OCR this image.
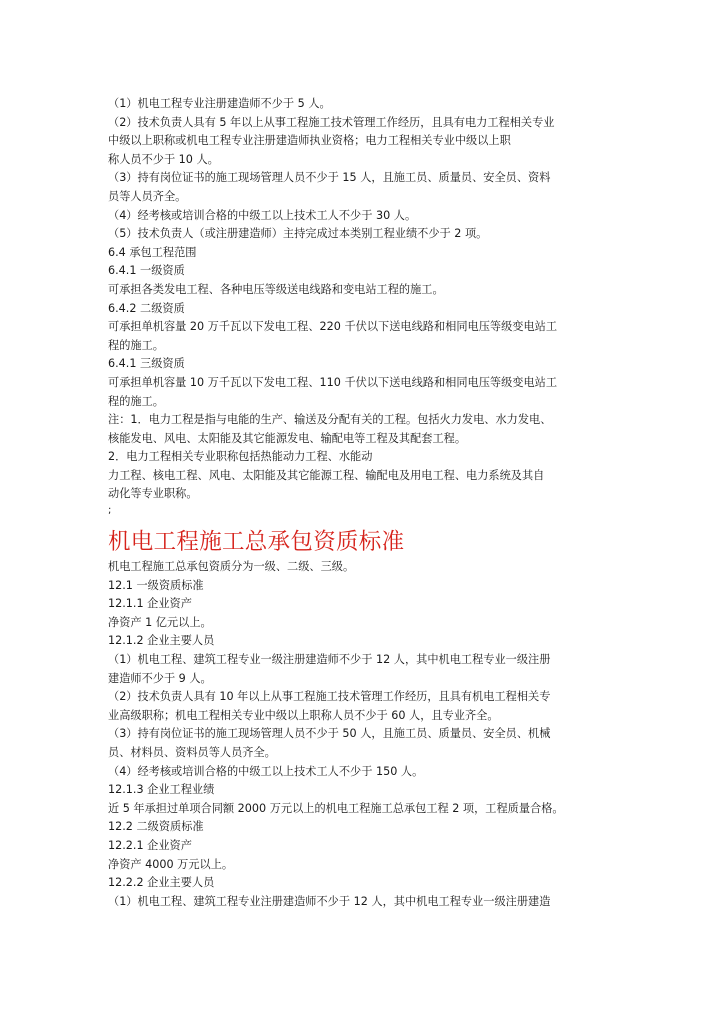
（1）机电工程专业注册建造师不少于 5 人。
（2）技术负责人具有 5 年以上从事工程施工技术管理工作经历，且具有电力工程相关专业
中级以上职称或机电工程专业注册建造师执业资格；电力工程相关专业中级以上职
称人员不少于 10 人。
（3）持有岗位证书的施工现场管理人员不少于 15 人，且施工员、质量员、安全员、资料
员等人员齐全。
（4）经考核或培训合格的中级工以上技术工人不少于 30 人。
（5）技术负责人（或注册建造师）主持完成过本类别工程业绩不少于 2 项。
6.4 承包工程范围
6.4.1 一级资质
可承担各类发电工程、各种电压等级送电线路和变电站工程的施工。
6.4.2 二级资质
可承担单机容量 20 万千瓦以下发电工程、220 千伏以下送电线路和相同电压等级变电站工
程的施工。
6.4.1 三级资质
可承担单机容量 10 万千瓦以下发电工程、110 千伏以下送电线路和相同电压等级变电站工
程的施工。
注：1．电力工程是指与电能的生产、输送及分配有关的工程。包括火力发电、水力发电、
核能发电、风电、太阳能及其它能源发电、输配电等工程及其配套工程。
2．电力工程相关专业职称包括热能动力工程、水能动
力工程、核电工程、风电、太阳能及其它能源工程、输配电及用电工程、电力系统及其自
动化等专业职称。
;
机电工程施工总承包资质标准
机电工程施工总承包资质分为一级、二级、三级。
12.1 一级资质标准
12.1.1 企业资产
净资产 1 亿元以上。
12.1.2 企业主要人员
（1）机电工程、建筑工程专业一级注册建造师不少于 12 人，其中机电工程专业一级注册
建造师不少于 9 人。
（2）技术负责人具有 10 年以上从事工程施工技术管理工作经历，且具有机电工程相关专
业高级职称；机电工程相关专业中级以上职称人员不少于 60 人，且专业齐全。
（3）持有岗位证书的施工现场管理人员不少于 50 人，且施工员、质量员、安全员、机械
员、材料员、资料员等人员齐全。
（4）经考核或培训合格的中级工以上技术工人不少于 150 人。
12.1.3 企业工程业绩
近 5 年承担过单项合同额 2000 万元以上的机电工程施工总承包工程 2 项，工程质量合格。
12.2 二级资质标准
12.2.1 企业资产
净资产 4000 万元以上。
12.2.2 企业主要人员
（1）机电工程、建筑工程专业注册建造师不少于 12 人，其中机电工程专业一级注册建造
